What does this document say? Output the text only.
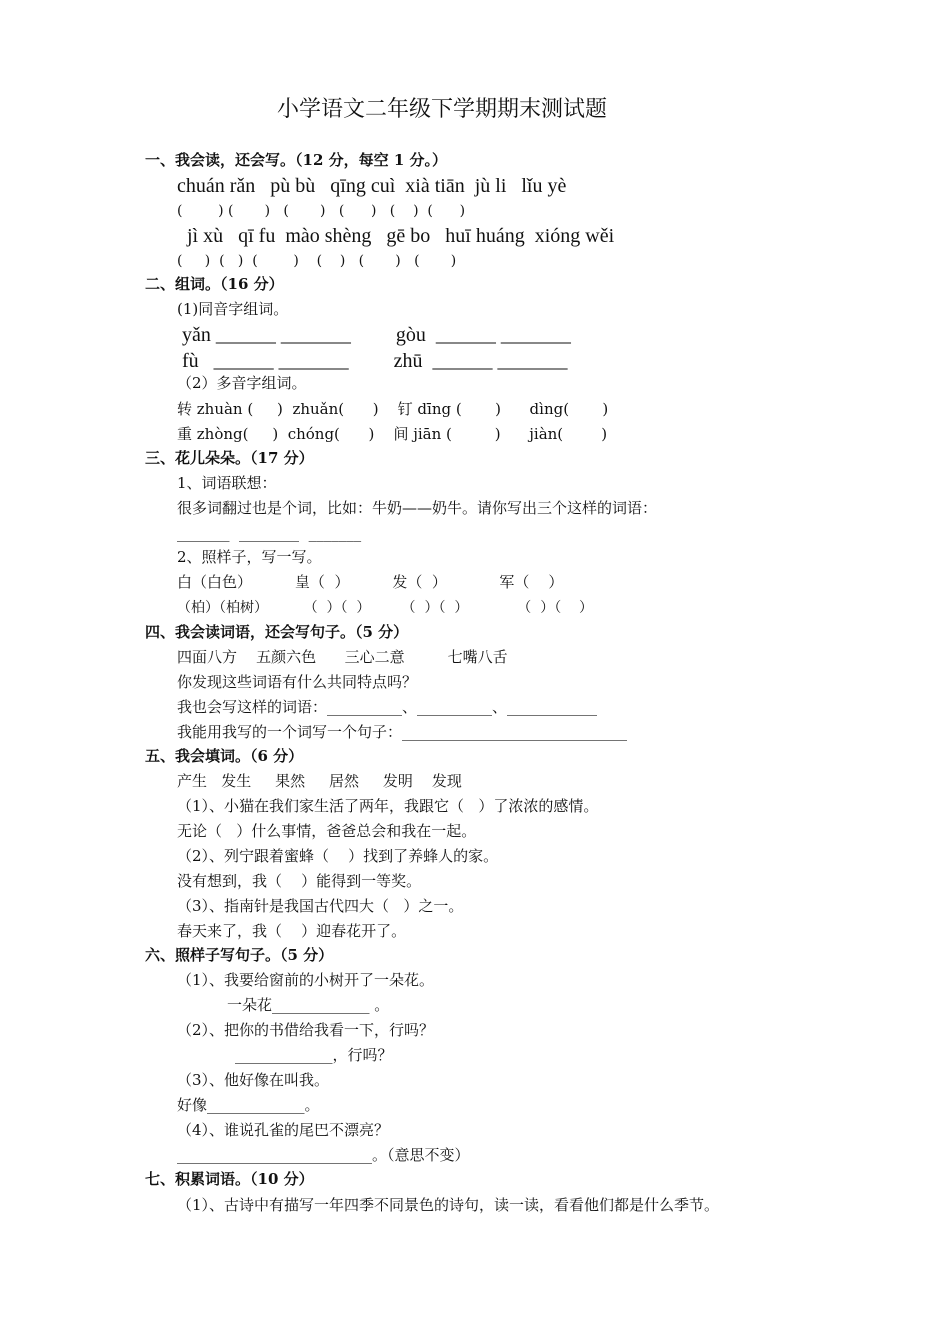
小学语文二年级下学期期末测试题
一、我会读，还会写。（12 分，每空 1 分。）
chuán rǎn   pù bù   qīng cuì  xià tiān  jù li   lǐu yè
(        ) (       )   (       )   (      )   (    )  (      )
jì xù   qī fu  mào shèng   gē bo   huī huáng  xióng wěi
(     )  (   )  (        )    (    )   (       )   (       )
二、组词。（16 分）
(1)同音字组词。
yǎn ______ _______         gòu  ______ _______
fù   ______ _______         zhū  ______ _______
（2）多音字组词。
转 zhuàn (     )  zhuǎn(      )    钉 dīng (       )      dìng(       )
重 zhòng(     )  chóng(      )    间 jiān (         )      jiàn(        )
三、花儿朵朵。（17 分）
1、词语联想：
很多词翻过也是个词，比如：牛奶——奶牛。请你写出三个这样的词语：
_______  ________  _______
2、照样子，写一写。
白（白色）         皇（  ）         发（  ）           军（    ）
（柏）（柏树）        （  ）（  ）       （  ）（  ）           （  ）（    ）
四、我会读词语，还会写句子。（5 分）
四面八方    五颜六色      三心二意         七嘴八舌
你发现这些词语有什么共同特点吗？
我也会写这样的词语：__________、__________、____________
我能用我写的一个词写一个句子：______________________________
五、我会填词。（6 分）
产生   发生     果然     居然     发明    发现
（1）、小猫在我们家生活了两年，我跟它（   ）了浓浓的感情。
无论（   ）什么事情，爸爸总会和我在一起。
（2）、列宁跟着蜜蜂（    ）找到了养蜂人的家。
没有想到，我（    ）能得到一等奖。
（3）、指南针是我国古代四大（   ）之一。
春天来了，我（    ）迎春花开了。
六、照样子写句子。（5 分）
（1）、我要给窗前的小树开了一朵花。
一朵花_____________ 。
（2）、把你的书借给我看一下，行吗？
_____________，行吗？
（3）、他好像在叫我。
好像_____________。
（4）、谁说孔雀的尾巴不漂亮？
__________________________。（意思不变）
七、积累词语。（10 分）
（1）、古诗中有描写一年四季不同景色的诗句，读一读，看看他们都是什么季节。
